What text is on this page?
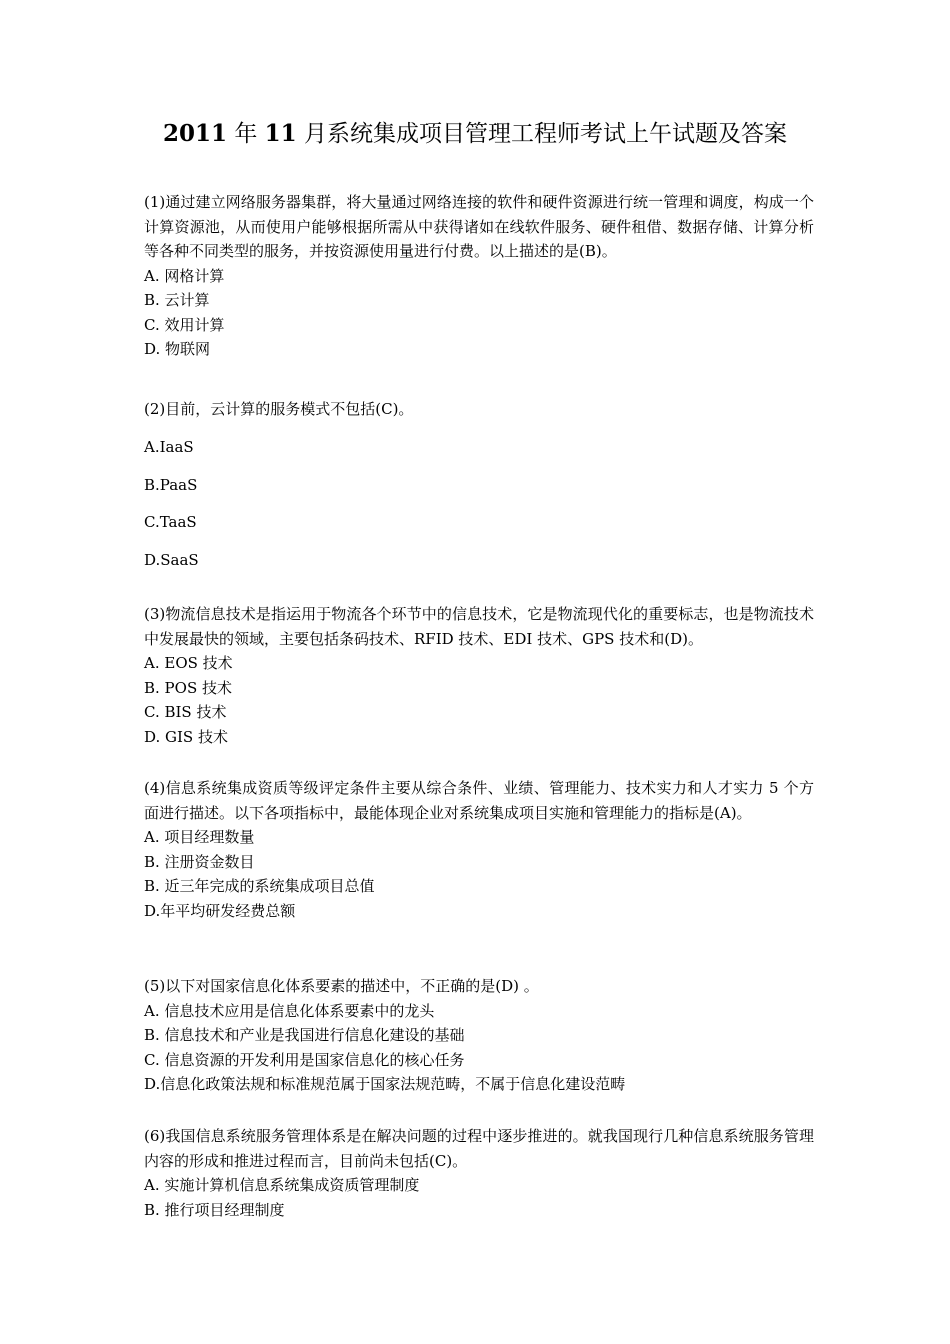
2011 年 11 月系统集成项目管理工程师考试上午试题及答案
(1)通过建立网络服务器集群，将大量通过网络连接的软件和硬件资源进行统一管理和调度，构成一个计算资源池，从而使用户能够根据所需从中获得诸如在线软件服务、硬件租借、数据存储、计算分析等各种不同类型的服务，并按资源使用量进行付费。以上描述的是(B)。
A. 网格计算
B. 云计算
C. 效用计算
D. 物联网
(2)目前，云计算的服务模式不包括(C)。
A.IaaS
B.PaaS
C.TaaS
D.SaaS
(3)物流信息技术是指运用于物流各个环节中的信息技术，它是物流现代化的重要标志，也是物流技术中发展最快的领域，主要包括条码技术、RFID 技术、EDI 技术、GPS 技术和(D)。
A. EOS 技术
B. POS 技术
C. BIS 技术
D. GIS 技术
(4)信息系统集成资质等级评定条件主要从综合条件、业绩、管理能力、技术实力和人才实力 5 个方面进行描述。以下各项指标中，最能体现企业对系统集成项目实施和管理能力的指标是(A)。
A. 项目经理数量
B. 注册资金数目
B. 近三年完成的系统集成项目总值
D.年平均研发经费总额
(5)以下对国家信息化体系要素的描述中，不正确的是(D) 。
A. 信息技术应用是信息化体系要素中的龙头
B. 信息技术和产业是我国进行信息化建设的基础
C. 信息资源的开发利用是国家信息化的核心任务
D.信息化政策法规和标准规范属于国家法规范畴，不属于信息化建设范畴
(6)我国信息系统服务管理体系是在解决问题的过程中逐步推进的。就我国现行几种信息系统服务管理内容的形成和推进过程而言，目前尚未包括(C)。
A. 实施计算机信息系统集成资质管理制度
B. 推行项目经理制度
